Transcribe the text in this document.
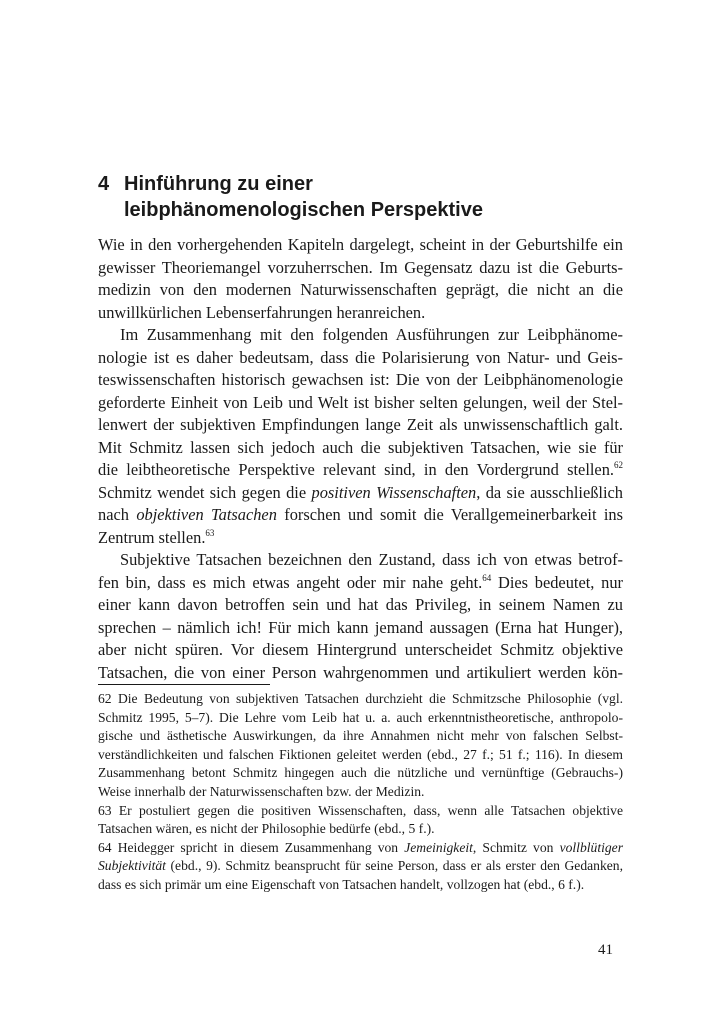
4 Hinführung zu einer
leibphänomenologischen Perspektive
Wie in den vorhergehenden Kapiteln dargelegt, scheint in der Geburtshilfe ein
gewisser Theoriemangel vorzuherrschen. Im Gegensatz dazu ist die Geburts-
medizin von den modernen Naturwissenschaften geprägt, die nicht an die
unwillkürlichen Lebenserfahrungen heranreichen.
Im Zusammenhang mit den folgenden Ausführungen zur Leibphänome-
nologie ist es daher bedeutsam, dass die Polarisierung von Natur- und Geis-
teswissenschaften historisch gewachsen ist: Die von der Leibphänomenologie
geforderte Einheit von Leib und Welt ist bisher selten gelungen, weil der Stel-
lenwert der subjektiven Empfindungen lange Zeit als unwissenschaftlich galt.
Mit Schmitz lassen sich jedoch auch die subjektiven Tatsachen, wie sie für
die leibtheoretische Perspektive relevant sind, in den Vordergrund stellen.$^{62}$
Schmitz wendet sich gegen die positiven Wissenschaften, da sie ausschließlich
nach objektiven Tatsachen forschen und somit die Verallgemeinerbarkeit ins
Zentrum stellen.$^{63}$
Subjektive Tatsachen bezeichnen den Zustand, dass ich von etwas betrof-
fen bin, dass es mich etwas angeht oder mir nahe geht.$^{64}$ Dies bedeutet, nur
einer kann davon betroffen sein und hat das Privileg, in seinem Namen zu
sprechen – nämlich ich! Für mich kann jemand aussagen (Erna hat Hunger),
aber nicht spüren. Vor diesem Hintergrund unterscheidet Schmitz objektive
Tatsachen, die von einer Person wahrgenommen und artikuliert werden kön-
62 Die Bedeutung von subjektiven Tatsachen durchzieht die Schmitzsche Philosophie (vgl.
Schmitz 1995, 5–7). Die Lehre vom Leib hat u. a. auch erkenntnistheoretische, anthropolo-
gische und ästhetische Auswirkungen, da ihre Annahmen nicht mehr von falschen Selbst-
verständlichkeiten und falschen Fiktionen geleitet werden (ebd., 27 f.; 51 f.; 116). In diesem
Zusammenhang betont Schmitz hingegen auch die nützliche und vernünftige (Gebrauchs-)
Weise innerhalb der Naturwissenschaften bzw. der Medizin.
63 Er postuliert gegen die positiven Wissenschaften, dass, wenn alle Tatsachen objektive
Tatsachen wären, es nicht der Philosophie bedürfe (ebd., 5 f.).
64 Heidegger spricht in diesem Zusammenhang von Jemeinigkeit, Schmitz von vollblütiger
Subjektivität (ebd., 9). Schmitz beansprucht für seine Person, dass er als erster den Gedanken,
dass es sich primär um eine Eigenschaft von Tatsachen handelt, vollzogen hat (ebd., 6 f.).
41
